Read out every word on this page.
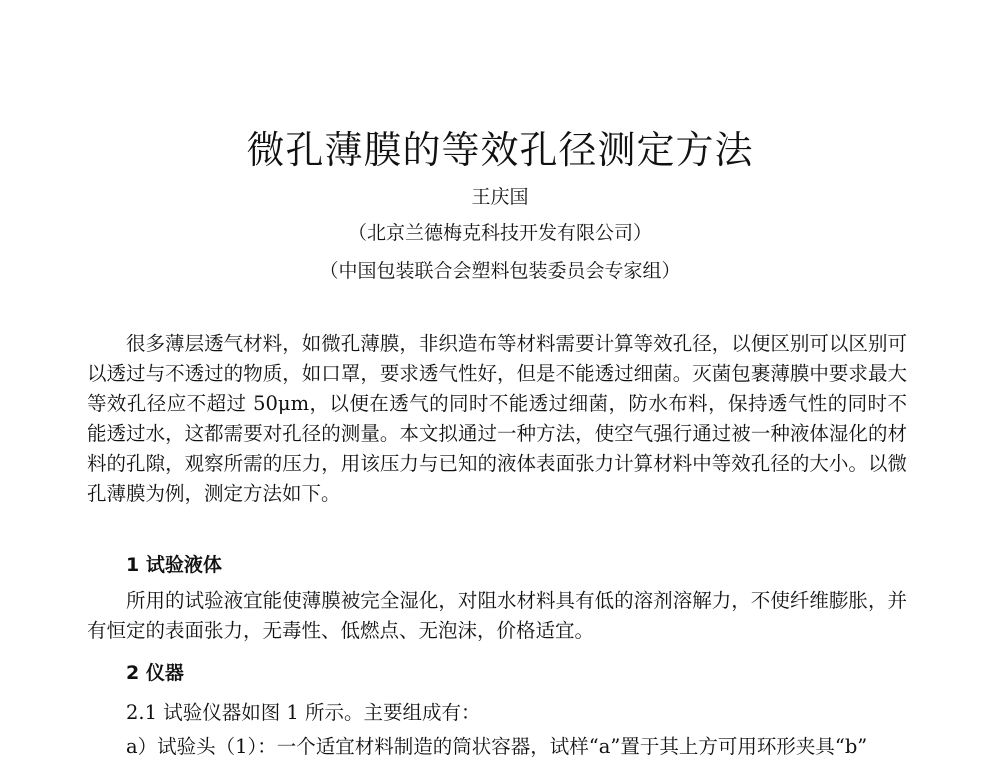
微孔薄膜的等效孔径测定方法
王庆国
（北京兰德梅克科技开发有限公司）
（中国包装联合会塑料包装委员会专家组）
很多薄层透气材料，如微孔薄膜，非织造布等材料需要计算等效孔径，以便区别可以区别可以透过与不透过的物质，如口罩，要求透气性好，但是不能透过细菌。灭菌包裹薄膜中要求最大等效孔径应不超过 50μm，以便在透气的同时不能透过细菌，防水布料，保持透气性的同时不能透过水，这都需要对孔径的测量。本文拟通过一种方法，使空气强行通过被一种液体湿化的材料的孔隙，观察所需的压力，用该压力与已知的液体表面张力计算材料中等效孔径的大小。以微孔薄膜为例，测定方法如下。
1 试验液体
所用的试验液宜能使薄膜被完全湿化，对阻水材料具有低的溶剂溶解力，不使纤维膨胀，并有恒定的表面张力，无毒性、低燃点、无泡沫，价格适宜。
2 仪器
2.1 试验仪器如图 1 所示。主要组成有：
a）试验头（1）：一个适宜材料制造的筒状容器，试样“a”置于其上方可用环形夹具“b”
